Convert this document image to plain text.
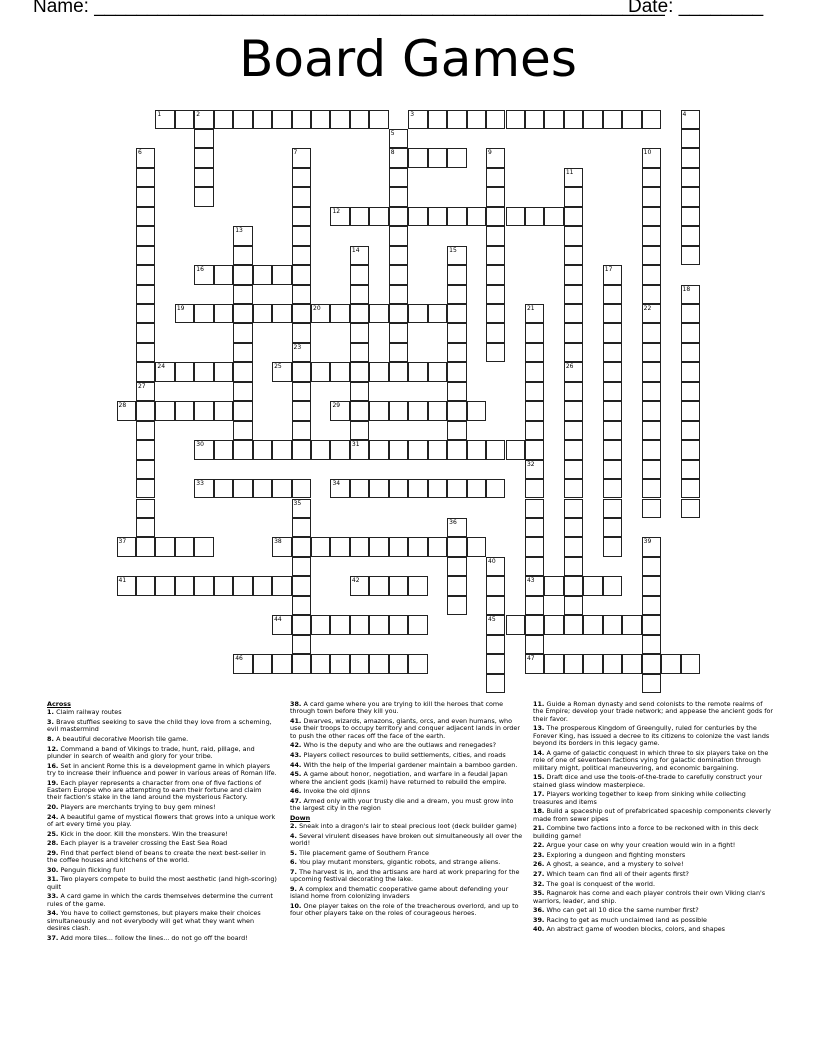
Name: ______________________________________________________
Date: ________
Board Games
1	2	3	4
5
8
6	7
23
9	10
22
11
12
13
14	15
16	17
18
19	20	21
24	25	26
27
28	29
30	31
32
43
33	34
35
36
37	38	39
40
45
41	42
44
46	47
Across
1. Claim railway routes
3. Brave stuffies seeking to save the child they love from a scheming, evil mastermind
8. A beautiful decorative Moorish tile game.
12. Command a band of Vikings to trade, hunt, raid, pillage, and plunder in search of wealth and glory for your tribe.
16. Set in ancient Rome this is a development game in which players try to increase their influence and power in various areas of Roman life.
19. Each player represents a character from one of five factions of Eastern Europe who are attempting to earn their fortune and claim their faction's stake in the land around the mysterious Factory.
20. Players are merchants trying to buy gem mines!
24. A beautiful game of mystical flowers that grows into a unique work of art every time you play.
25. Kick in the door. Kill the monsters. Win the treasure!
28. Each player is a traveler crossing the East Sea Road
29. Find that perfect blend of beans to create the next best-seller in the coffee houses and kitchens of the world.
30. Penguin flicking fun!
31. Two players compete to build the most aesthetic (and high-scoring) quilt
33. A card game in which the cards themselves determine the current rules of the game.
34. You have to collect gemstones, but players make their choices simultaneously and not everybody will get what they want when desires clash.
37. Add more tiles... follow the lines... do not go off the board!
38. A card game where you are trying to kill the heroes that come through town before they kill you.
41. Dwarves, wizards, amazons, giants, orcs, and even humans, who use their troops to occupy territory and conquer adjacent lands in order to push the other races off the face of the earth.
42. Who is the deputy and who are the outlaws and renegades?
43. Players collect resources to build settlements, cities, and roads
44. With the help of the Imperial gardener maintain a bamboo garden.
45. A game about honor, negotiation, and warfare in a feudal Japan where the ancient gods (kami) have returned to rebuild the empire.
46. Invoke the old djinns
47. Armed only with your trusty die and a dream, you must grow into the largest city in the region
Down
2. Sneak into a dragon's lair to steal precious loot (deck builder game)
4. Several virulent diseases have broken out simultaneously all over the world!
5. Tile placement game of Southern France
6. You play mutant monsters, gigantic robots, and strange aliens.
7. The harvest is in, and the artisans are hard at work preparing for the upcoming festival decorating the lake.
9. A complex and thematic cooperative game about defending your island home from colonizing invaders
10. One player takes on the role of the treacherous overlord, and up to four other players take on the roles of courageous heroes.
11. Guide a Roman dynasty and send colonists to the remote realms of the Empire; develop your trade network; and appease the ancient gods for their favor.
13. The prosperous Kingdom of Greengully, ruled for centuries by the Forever King, has issued a decree to its citizens to colonize the vast lands beyond its borders in this legacy game.
14. A game of galactic conquest in which three to six players take on the role of one of seventeen factions vying for galactic domination through military might, political maneuvering, and economic bargaining.
15. Draft dice and use the tools-of-the-trade to carefully construct your stained glass window masterpiece.
17. Players working together to keep from sinking while collecting treasures and items
18. Build a spaceship out of prefabricated spaceship components cleverly made from sewer pipes
21. Combine two factions into a force to be reckoned with in this deck building game!
22. Argue your case on why your creation would win in a fight!
23. Exploring a dungeon and fighting monsters
26. A ghost, a seance, and a mystery to solve!
27. Which team can find all of their agents first?
32. The goal is conquest of the world.
35. Ragnarok has come and each player controls their own Viking clan's warriors, leader, and ship.
36. Who can get all 10 dice the same number first?
39. Racing to get as much unclaimed land as possible
40. An abstract game of wooden blocks, colors, and shapes
